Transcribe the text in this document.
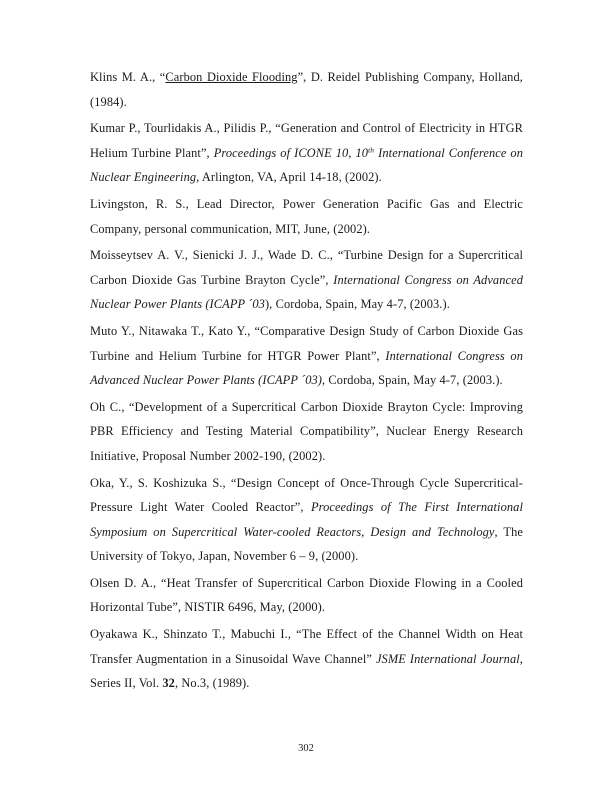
Klins M. A., “Carbon Dioxide Flooding”, D. Reidel Publishing Company, Holland, (1984).

Kumar P., Tourlidakis A., Pilidis P., “Generation and Control of Electricity in HTGR Helium Turbine Plant”, Proceedings of ICONE 10, 10th International Conference on Nuclear Engineering, Arlington, VA, April 14-18, (2002).

Livingston, R. S., Lead Director, Power Generation Pacific Gas and Electric Company, personal communication, MIT, June, (2002).

Moisseytsev A. V., Sienicki J. J., Wade D. C., “Turbine Design for a Supercritical Carbon Dioxide Gas Turbine Brayton Cycle”, International Congress on Advanced Nuclear Power Plants (ICAPP ´03), Cordoba, Spain, May 4-7, (2003.).

Muto Y., Nitawaka T., Kato Y., “Comparative Design Study of Carbon Dioxide Gas Turbine and Helium Turbine for HTGR Power Plant”, International Congress on Advanced Nuclear Power Plants (ICAPP ´03), Cordoba, Spain, May 4-7, (2003.).

Oh C., “Development of a Supercritical Carbon Dioxide Brayton Cycle: Improving PBR Efficiency and Testing Material Compatibility”, Nuclear Energy Research Initiative, Proposal Number 2002-190, (2002).

Oka, Y., S. Koshizuka S., “Design Concept of Once-Through Cycle Supercritical-Pressure Light Water Cooled Reactor”, Proceedings of The First International Symposium on Supercritical Water-cooled Reactors, Design and Technology, The University of Tokyo, Japan, November 6 – 9, (2000).

Olsen D. A., “Heat Transfer of Supercritical Carbon Dioxide Flowing in a Cooled Horizontal Tube”, NISTIR 6496, May, (2000).

Oyakawa K., Shinzato T., Mabuchi I., “The Effect of the Channel Width on Heat Transfer Augmentation in a Sinusoidal Wave Channel” JSME International Journal, Series II, Vol. 32, No.3, (1989).

302
